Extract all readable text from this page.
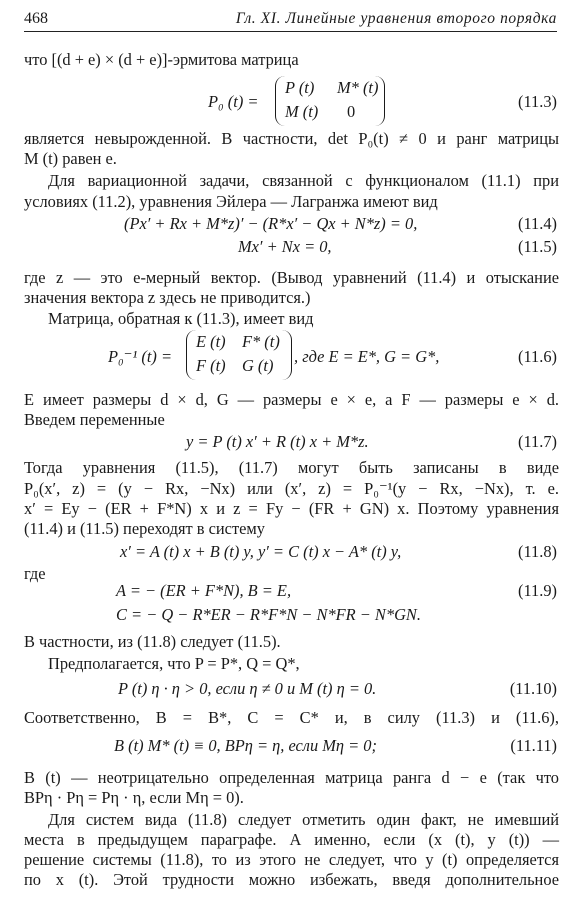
468	Гл. XI. Линейные уравнения второго порядка
что [(d + e) × (d + e)]-эрмитова матрица
P₀ (t) =
P (t) M* (t)
M (t) 0
(11.3)
является невырожденной. В частности, det P₀(t) ≠ 0 и ранг матрицы
M (t) равен e.
Для вариационной задачи, связанной с функционалом (11.1) при
условиях (11.2), уравнения Эйлера — Лагранжа имеют вид
(Px′ + Rx + M*z)′ − (R*x′ − Qx + N*z) = 0,	(11.4)
Mx′ + Nx = 0,	(11.5)
где z — это e-мерный вектор. (Вывод уравнений (11.4) и отыскание
значения вектора z здесь не приводится.)
Матрица, обратная к (11.3), имеет вид
P₀⁻¹ (t) =
E (t) F* (t)
F (t) G (t) , где E = E*, G = G*,	(11.6)
E имеет размеры d × d, G — размеры e × e, а F — размеры e × d.
Введем переменные
y = P (t) x′ + R (t) x + M*z.	(11.7)
Тогда уравнения (11.5), (11.7) могут быть записаны в виде
P₀(x′, z) = (y − Rx, −Nx) или (x′, z) = P₀⁻¹(y − Rx, −Nx), т. е.
x′ = Ey − (ER + F*N) x и z = Fy − (FR + GN) x. Поэтому уравнения
(11.4) и (11.5) переходят в систему
x′ = A (t) x + B (t) y, y′ = C (t) x − A* (t) y,	(11.8)
где
A = − (ER + F*N), B = E,	(11.9)
C = − Q − R*ER − R*F*N − N*FR − N*GN.
В частности, из (11.8) следует (11.5).
Предполагается, что P = P*, Q = Q*,
P (t) η · η > 0, если η ≠ 0 и M (t) η = 0.	(11.10)
Соответственно, B = B*, C = C* и, в силу (11.3) и (11.6),
B (t) M* (t) ≡ 0, BPη = η, если Mη = 0;	(11.11)
B (t) — неотрицательно определенная матрица ранга d − e (так что
BPη · Pη = Pη · η, если Mη = 0).
Для систем вида (11.8) следует отметить один факт, не имевший
места в предыдущем параграфе. А именно, если (x (t), y (t)) —
решение системы (11.8), то из этого не следует, что y (t) определяется
по x (t). Этой трудности можно избежать, введя дополнительное
